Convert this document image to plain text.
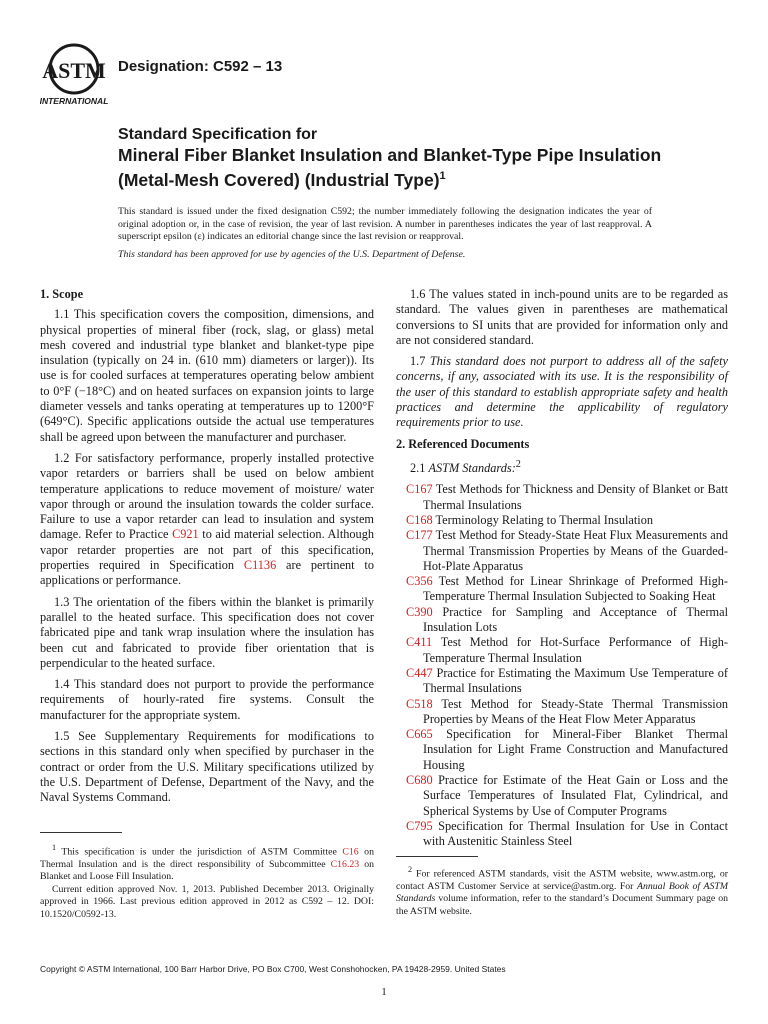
ASTM
INTERNATIONAL
Designation: C592 – 13
Standard Specification for
Mineral Fiber Blanket Insulation and Blanket-Type Pipe Insulation (Metal-Mesh Covered) (Industrial Type)$^1$
This standard is issued under the fixed designation C592; the number immediately following the designation indicates the year of original adoption or, in the case of revision, the year of last revision. A number in parentheses indicates the year of last reapproval. A superscript epsilon (ε) indicates an editorial change since the last revision or reapproval.
This standard has been approved for use by agencies of the U.S. Department of Defense.
1. Scope

1.1 This specification covers the composition, dimensions, and physical properties of mineral fiber (rock, slag, or glass) metal mesh covered and industrial type blanket and blanket-type pipe insulation (typically on 24 in. (610 mm) diameters or larger)). Its use is for cooled surfaces at temperatures operating below ambient to 0°F (−18°C) and on heated surfaces on expansion joints to large diameter vessels and tanks operating at temperatures up to 1200°F (649°C). Specific applications outside the actual use temperatures shall be agreed upon between the manufacturer and purchaser.

1.2 For satisfactory performance, properly installed protective vapor retarders or barriers shall be used on below ambient temperature applications to reduce movement of moisture/ water vapor through or around the insulation towards the colder surface. Failure to use a vapor retarder can lead to insulation and system damage. Refer to Practice C921 to aid material selection. Although vapor retarder properties are not part of this specification, properties required in Specification C1136 are pertinent to applications or performance.

1.3 The orientation of the fibers within the blanket is primarily parallel to the heated surface. This specification does not cover fabricated pipe and tank wrap insulation where the insulation has been cut and fabricated to provide fiber orientation that is perpendicular to the heated surface.

1.4 This standard does not purport to provide the performance requirements of hourly-rated fire systems. Consult the manufacturer for the appropriate system.

1.5 See Supplementary Requirements for modifications to sections in this standard only when specified by purchaser in the contract or order from the U.S. Military specifications utilized by the U.S. Department of Defense, Department of the Navy, and the Naval Systems Command.

1.6 The values stated in inch-pound units are to be regarded as standard. The values given in parentheses are mathematical conversions to SI units that are provided for information only and are not considered standard.

1.7 This standard does not purport to address all of the safety concerns, if any, associated with its use. It is the responsibility of the user of this standard to establish appropriate safety and health practices and determine the applicability of regulatory requirements prior to use.

2. Referenced Documents

2.1 ASTM Standards:$^2$

C167 Test Methods for Thickness and Density of Blanket or Batt Thermal Insulations
C168 Terminology Relating to Thermal Insulation
C177 Test Method for Steady-State Heat Flux Measurements and Thermal Transmission Properties by Means of the Guarded-Hot-Plate Apparatus
C356 Test Method for Linear Shrinkage of Preformed High-Temperature Thermal Insulation Subjected to Soaking Heat
C390 Practice for Sampling and Acceptance of Thermal Insulation Lots
C411 Test Method for Hot-Surface Performance of High-Temperature Thermal Insulation
C447 Practice for Estimating the Maximum Use Temperature of Thermal Insulations
C518 Test Method for Steady-State Thermal Transmission Properties by Means of the Heat Flow Meter Apparatus
C665 Specification for Mineral-Fiber Blanket Thermal Insulation for Light Frame Construction and Manufactured Housing
C680 Practice for Estimate of the Heat Gain or Loss and the Surface Temperatures of Insulated Flat, Cylindrical, and Spherical Systems by Use of Computer Programs
C795 Specification for Thermal Insulation for Use in Contact with Austenitic Stainless Steel

$^1$ This specification is under the jurisdiction of ASTM Committee C16 on Thermal Insulation and is the direct responsibility of Subcommittee C16.23 on Blanket and Loose Fill Insulation.

Current edition approved Nov. 1, 2013. Published December 2013. Originally approved in 1966. Last previous edition approved in 2012 as C592 – 12. DOI: 10.1520/C0592-13.

$^2$ For referenced ASTM standards, visit the ASTM website, www.astm.org, or contact ASTM Customer Service at service@astm.org. For Annual Book of ASTM Standards volume information, refer to the standard’s Document Summary page on the ASTM website.

Copyright © ASTM International, 100 Barr Harbor Drive, PO Box C700, West Conshohocken, PA 19428-2959. United States
1
